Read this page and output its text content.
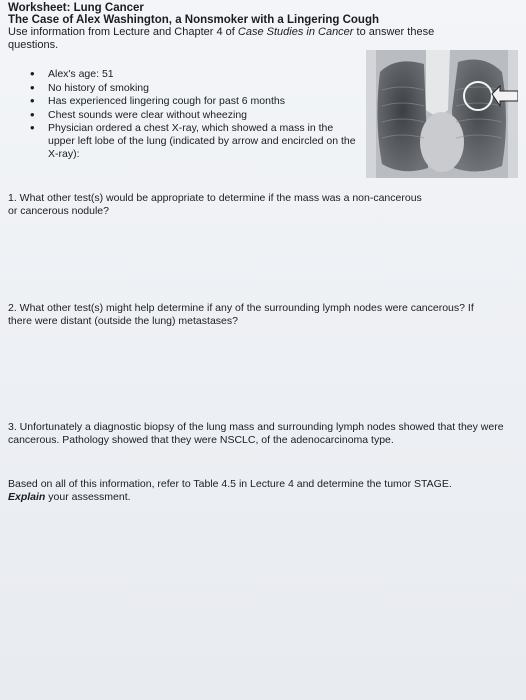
Worksheet: Lung Cancer
The Case of Alex Washington, a Nonsmoker with a Lingering Cough
Use information from Lecture and Chapter 4 of Case Studies in Cancer to answer these questions.
• Alex's age: 51
• No history of smoking
• Has experienced lingering cough for past 6 months
• Chest sounds were clear without wheezing
• Physician ordered a chest X-ray, which showed a mass in the upper left lobe of the lung (indicated by arrow and encircled on the X-ray):
1. What other test(s) would be appropriate to determine if the mass was a non-cancerous or cancerous nodule?
2. What other test(s) might help determine if any of the surrounding lymph nodes were cancerous? If there were distant (outside the lung) metastases?
3. Unfortunately a diagnostic biopsy of the lung mass and surrounding lymph nodes showed that they were cancerous. Pathology showed that they were NSCLC, of the adenocarcinoma type.
Based on all of this information, refer to Table 4.5 in Lecture 4 and determine the tumor STAGE. Explain your assessment.
